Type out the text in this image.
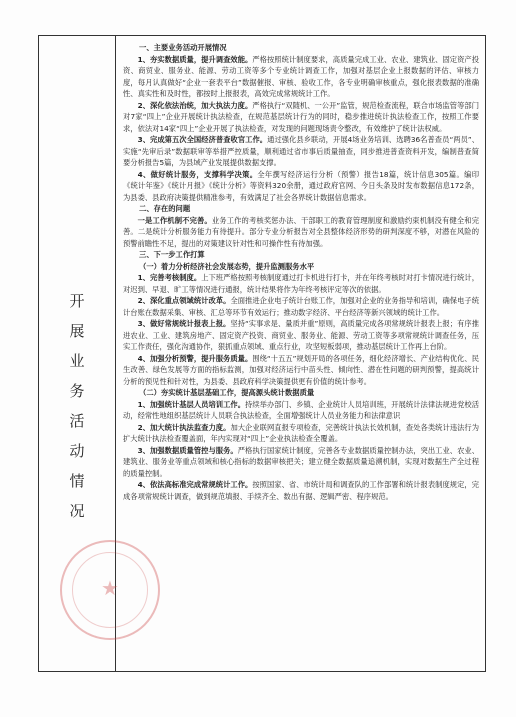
开展业务活动情况

一、主要业务活动开展情况

1、夯实数据质量，提升调查效能。严格按照统计制度要求，高质量完成工业、农业、建筑业、固定资产投资、商贸业、服务业、能源、劳动工资等多个专业统计调查工作，加强对基层企业上报数据的评估、审核力度，每月认真做好“企业一套表平台”数据催报、审核、验收工作，各专业明确审核重点，强化报表数据的准确性、真实性和及时性，都按时上报报表，高效完成常规统计工作。

2、深化依法治统，加大执法力度。严格执行“双随机、一公开”监管，规范检查流程，联合市场监管等部门对7家“四上”企业开展统计执法检查，在规范基层统计行为的同时，稳步推进统计执法检查工作，按照工作要求，依法对14家“四上”企业开展了执法检查，对发现的问题现场责令整改，有效维护了统计法权威。

3、完成第五次全国经济普查收官工作。通过强化县乡联动，开展4场业务培训、选聘36名普查员“两员”、实施“先审后录”数据联审等举措严控质量，顺利通过省市事后质量抽查，同步推进普查资料开发，编制普查简要分析报告5篇，为县域产业发展提供数据支撑。

4、做好统计服务，支撑科学决策。全年撰写经济运行分析（预警）报告18篇，统计信息305篇。编印《统计年鉴》《统计月报》《统计分析》等资料320余册，通过政府官网、今日头条及时发布数据信息172条，为县委、县政府决策提供精准参考，有效满足了社会各界统计数据信息需求。

二、存在的问题

一是工作机制不完善。业务工作的考核奖惩办法、干部职工的教育管理制度和激励约束机制没有健全和完善。二是统计分析服务能力有待提升。部分专业分析报告对全县整体经济形势的研判深度不够，对潜在风险的预警前瞻性不足，提出的对策建议针对性和可操作性有待加强。

三、下一步工作打算

（一）着力分析经济社会发展态势，提升监测服务水平

1、完善考核制度。上下班严格按照考核制度通过打卡机进行打卡，并在年终考核时对打卡情况进行统计，对迟到、早退、旷工等情况进行通报，统计结果将作为年终考核评定等次的依据。

2、深化重点领域统计改革。全面推进企业电子统计台账工作，加强对企业的业务指导和培训，确保电子统计台账在数据采集、审核、汇总等环节有效运行；推动数字经济、平台经济等新兴领域的统计工作。

3、做好常规统计报表上报。坚持“实事求是、量质并重”原则，高质量完成各项常规统计报表上报；有序推进农业、工业、建筑房地产、固定资产投资、商贸业、服务业、能源、劳动工资等多项常规统计调查任务，压实工作责任，强化沟通协作，狠抓重点领域、重点行业，攻坚短板弱项，推动基层统计工作再上台阶。

4、加强分析预警，提升服务质量。围绕“十五五”规划开局的各项任务，细化经济增长、产业结构优化、民生改善、绿色发展等方面的指标监测，加强对经济运行中苗头性、倾向性、潜在性问题的研判预警，提高统计分析的预见性和针对性，为县委、县政府科学决策提供更有价值的统计参考。

（二）夯实统计基层基础工作，提高源头统计数据质量

1、加强统计基层人员培训工作。持续举办部门、乡镇、企业统计人员培训班，开展统计法律法规进党校活动，经常性地组织基层统计人员联合执法检查，全面增强统计人员业务能力和法律意识

2、加大统计执法监查力度。加大企业联网直报专项检查，完善统计执法长效机制，查处各类统计违法行为扩大统计执法检查覆盖面，年内实现对“四上”企业执法检查全覆盖。

3、加强数据质量管控与服务。严格执行国家统计制度，完善各专业数据质量控制办法，突出工业、农业、建筑业、服务业等重点领域和核心指标的数据审核把关；建立健全数据质量追溯机制，实现对数据生产全过程的质量控制。

4、依法高标准完成常规统计工作。按照国家、省、市统计局和调查队的工作部署和统计报表制度规定，完成各项常规统计调查，做到规范填报、手续齐全、数出有据、逻辑严密、程序规范。

★
